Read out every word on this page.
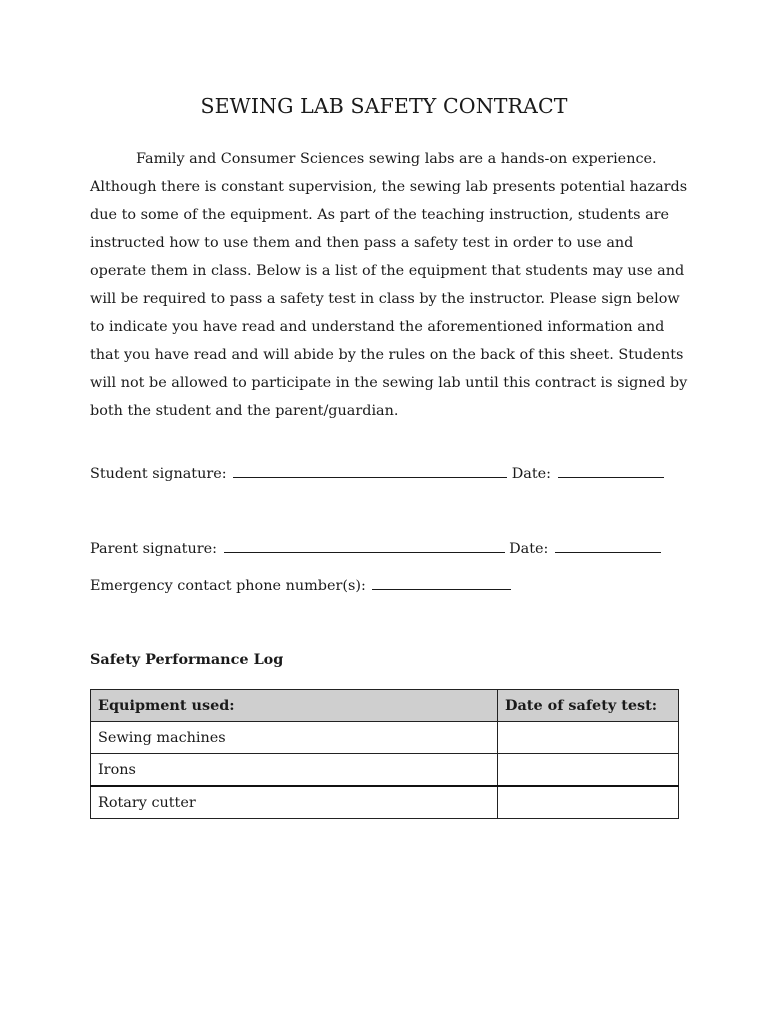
SEWING LAB SAFETY CONTRACT

Family and Consumer Sciences sewing labs are a hands-on experience. Although there is constant supervision, the sewing lab presents potential hazards due to some of the equipment. As part of the teaching instruction, students are instructed how to use them and then pass a safety test in order to use and operate them in class. Below is a list of the equipment that students may use and will be required to pass a safety test in class by the instructor. Please sign below to indicate you have read and understand the aforementioned information and that you have read and will abide by the rules on the back of this sheet. Students will not be allowed to participate in the sewing lab until this contract is signed by both the student and the parent/guardian.

Student signature:	Date:
Parent signature:	Date:
Emergency contact phone number(s):

Safety Performance Log

Equipment used:	Date of safety test:
Sewing machines	
Irons	
Rotary cutter	
